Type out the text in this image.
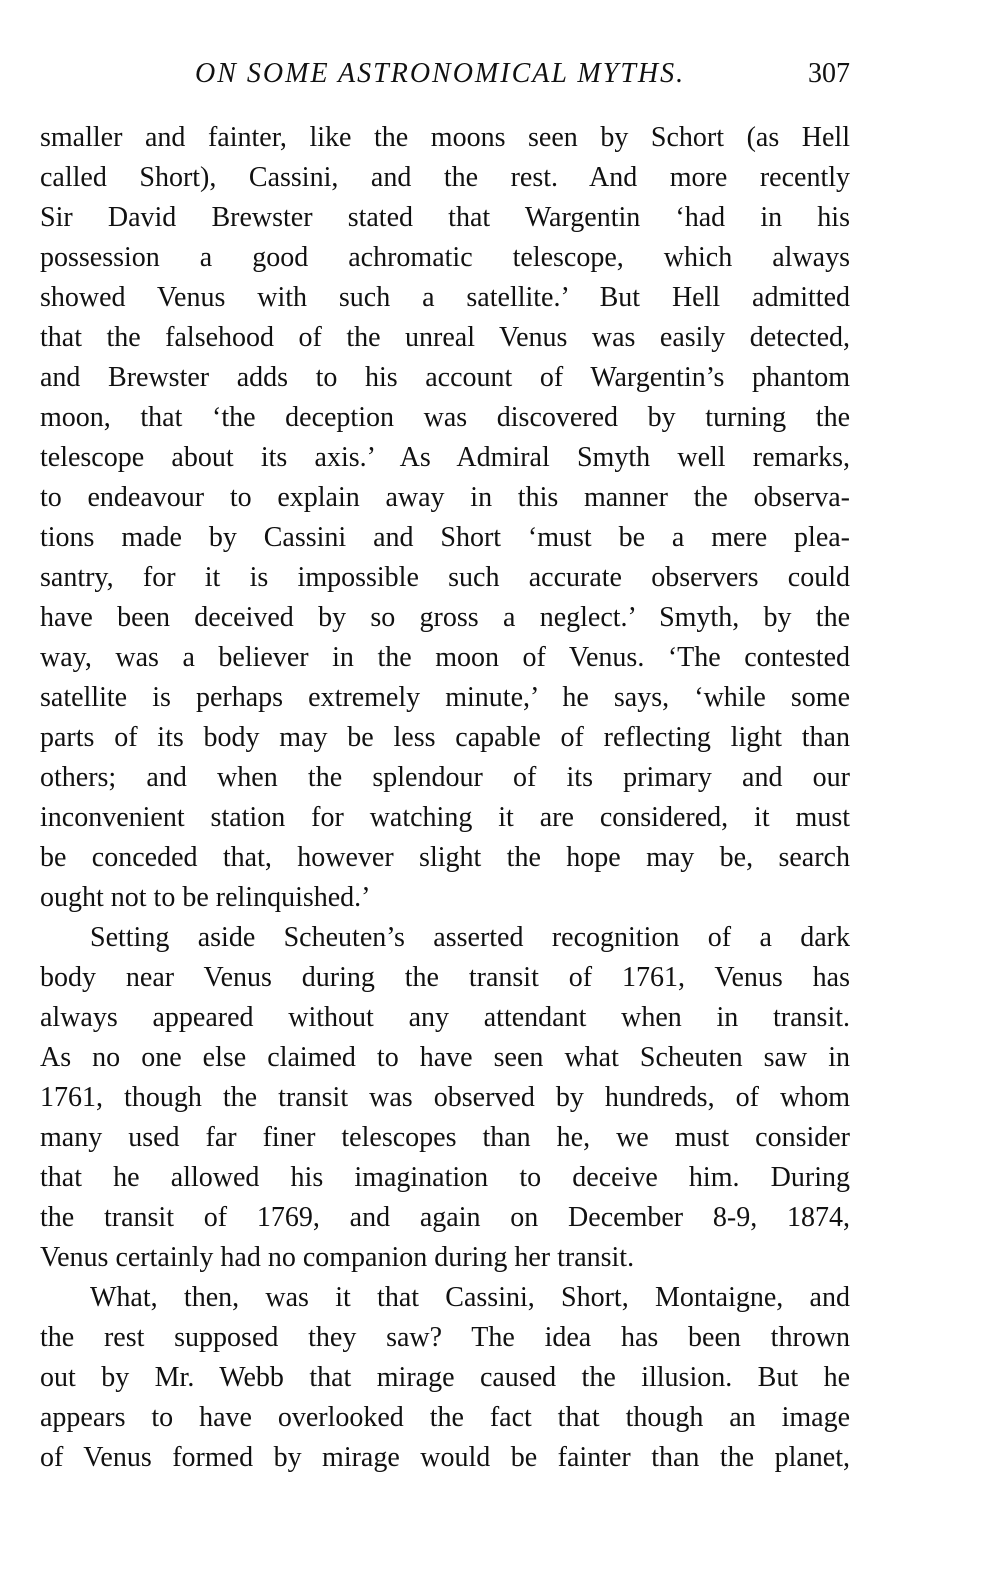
ON SOME ASTRONOMICAL MYTHS.	307
smaller and fainter, like the moons seen by Schort (as Hell
called Short), Cassini, and the rest. And more recently
Sir David Brewster stated that Wargentin ‘had in his
possession a good achromatic telescope, which always
showed Venus with such a satellite.’ But Hell admitted
that the falsehood of the unreal Venus was easily detected,
and Brewster adds to his account of Wargentin’s phantom
moon, that ‘the deception was discovered by turning the
telescope about its axis.’ As Admiral Smyth well remarks,
to endeavour to explain away in this manner the observa-
tions made by Cassini and Short ‘must be a mere plea-
santry, for it is impossible such accurate observers could
have been deceived by so gross a neglect.’ Smyth, by the
way, was a believer in the moon of Venus. ‘The contested
satellite is perhaps extremely minute,’ he says, ‘while some
parts of its body may be less capable of reflecting light than
others; and when the splendour of its primary and our
inconvenient station for watching it are considered, it must
be conceded that, however slight the hope may be, search
ought not to be relinquished.’
Setting aside Scheuten’s asserted recognition of a dark
body near Venus during the transit of 1761, Venus has
always appeared without any attendant when in transit.
As no one else claimed to have seen what Scheuten saw in
1761, though the transit was observed by hundreds, of whom
many used far finer telescopes than he, we must consider
that he allowed his imagination to deceive him. During
the transit of 1769, and again on December 8-9, 1874,
Venus certainly had no companion during her transit.
What, then, was it that Cassini, Short, Montaigne, and
the rest supposed they saw? The idea has been thrown
out by Mr. Webb that mirage caused the illusion. But he
appears to have overlooked the fact that though an image
of Venus formed by mirage would be fainter than the planet,
